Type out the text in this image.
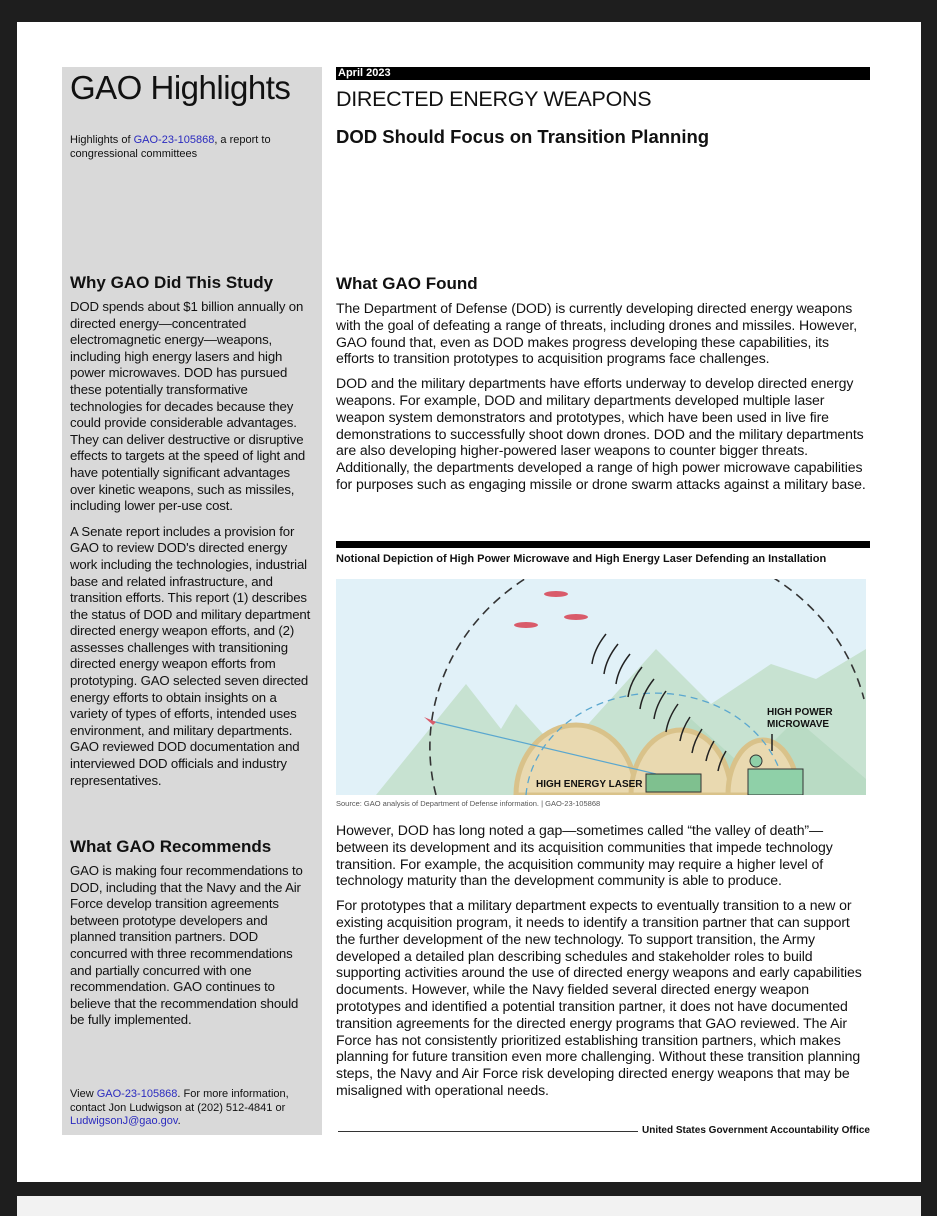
GAO Highlights
Highlights of GAO-23-105868, a report to congressional committees
Why GAO Did This Study

DOD spends about $1 billion annually on directed energy—concentrated electromagnetic energy—weapons, including high energy lasers and high power microwaves. DOD has pursued these potentially transformative technologies for decades because they could provide considerable advantages. They can deliver destructive or disruptive effects to targets at the speed of light and have potentially significant advantages over kinetic weapons, such as missiles, including lower per-use cost.

A Senate report includes a provision for GAO to review DOD's directed energy work including the technologies, industrial base and related infrastructure, and transition efforts. This report (1) describes the status of DOD and military department directed energy weapon efforts, and (2) assesses challenges with transitioning directed energy weapon efforts from prototyping. GAO selected seven directed energy efforts to obtain insights on a variety of types of efforts, intended uses environment, and military departments. GAO reviewed DOD documentation and interviewed DOD officials and industry representatives.

What GAO Recommends

GAO is making four recommendations to DOD, including that the Navy and the Air Force develop transition agreements between prototype developers and planned transition partners. DOD concurred with three recommendations and partially concurred with one recommendation. GAO continues to believe that the recommendation should be fully implemented.

View GAO-23-105868. For more information, contact Jon Ludwigson at (202) 512-4841 or LudwigsonJ@gao.gov.
April 2023
DIRECTED ENERGY WEAPONS
DOD Should Focus on Transition Planning
What GAO Found

The Department of Defense (DOD) is currently developing directed energy weapons with the goal of defeating a range of threats, including drones and missiles. However, GAO found that, even as DOD makes progress developing these capabilities, its efforts to transition prototypes to acquisition programs face challenges.

DOD and the military departments have efforts underway to develop directed energy weapons. For example, DOD and military departments developed multiple laser weapon system demonstrators and prototypes, which have been used in live fire demonstrations to successfully shoot down drones. DOD and the military departments are also developing higher-powered laser weapons to counter bigger threats. Additionally, the departments developed a range of high power microwave capabilities for purposes such as engaging missile or drone swarm attacks against a military base.

Notional Depiction of High Power Microwave and High Energy Laser Defending an Installation
HIGH ENERGY LASER
HIGH POWER
MICROWAVE
Source: GAO analysis of Department of Defense information. | GAO-23-105868

However, DOD has long noted a gap—sometimes called “the valley of death”—between its development and its acquisition communities that impede technology transition. For example, the acquisition community may require a higher level of technology maturity than the development community is able to produce.

For prototypes that a military department expects to eventually transition to a new or existing acquisition program, it needs to identify a transition partner that can support the further development of the new technology. To support transition, the Army developed a detailed plan describing schedules and stakeholder roles to build supporting activities around the use of directed energy weapons and early capabilities documents. However, while the Navy fielded several directed energy weapon prototypes and identified a potential transition partner, it does not have documented transition agreements for the directed energy programs that GAO reviewed. The Air Force has not consistently prioritized establishing transition partners, which makes planning for future transition even more challenging. Without these transition planning steps, the Navy and Air Force risk developing directed energy weapons that may be misaligned with operational needs.

United States Government Accountability Office
